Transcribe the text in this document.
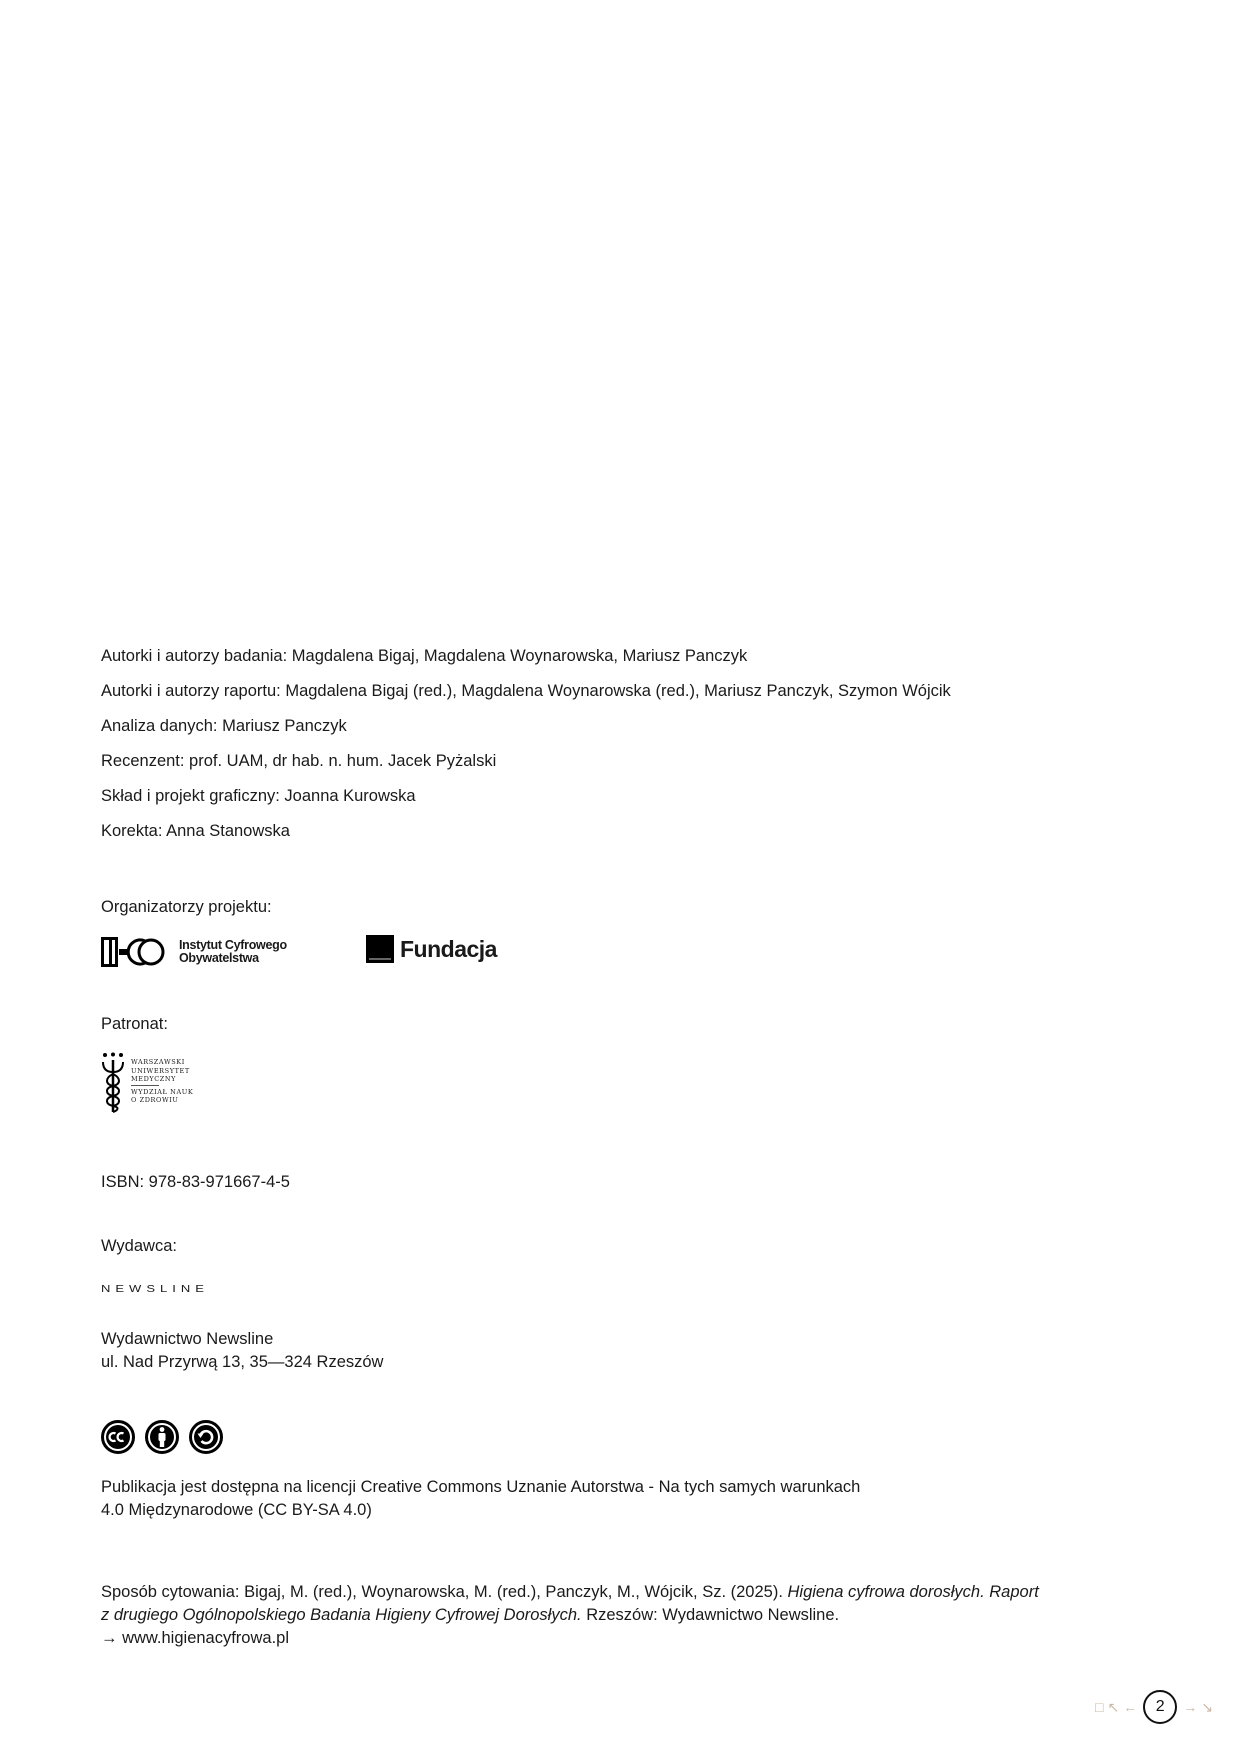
Autorki i autorzy badania: Magdalena Bigaj, Magdalena Woynarowska, Mariusz Panczyk
Autorki i autorzy raportu: Magdalena Bigaj (red.), Magdalena Woynarowska (red.), Mariusz Panczyk, Szymon Wójcik
Analiza danych: Mariusz Panczyk
Recenzent: prof. UAM, dr hab. n. hum. Jacek Pyżalski
Skład i projekt graficzny: Joanna Kurowska
Korekta: Anna Stanowska
Organizatorzy projektu:
Instytut Cyfrowego
Obywatelstwa	Fundacja
Patronat:
WARSZAWSKI
UNIWERSYTET
MEDYCZNY
WYDZIAŁ NAUK
O ZDROWIU
ISBN: 978-83-971667-4-5
Wydawca:
NEWSLINE
Wydawnictwo Newsline
ul. Nad Przyrwą 13, 35—324 Rzeszów
Publikacja jest dostępna na licencji Creative Commons Uznanie Autorstwa - Na tych samych warunkach
4.0 Międzynarodowe (CC BY-SA 4.0)
Sposób cytowania: Bigaj, M. (red.), Woynarowska, M. (red.), Panczyk, M., Wójcik, Sz. (2025). Higiena cyfrowa dorosłych. Raport
z drugiego Ogólnopolskiego Badania Higieny Cyfrowej Dorosłych. Rzeszów: Wydawnictwo Newsline.
→ www.higienacyfrowa.pl
□ ↖ ←	2	→ ↘
